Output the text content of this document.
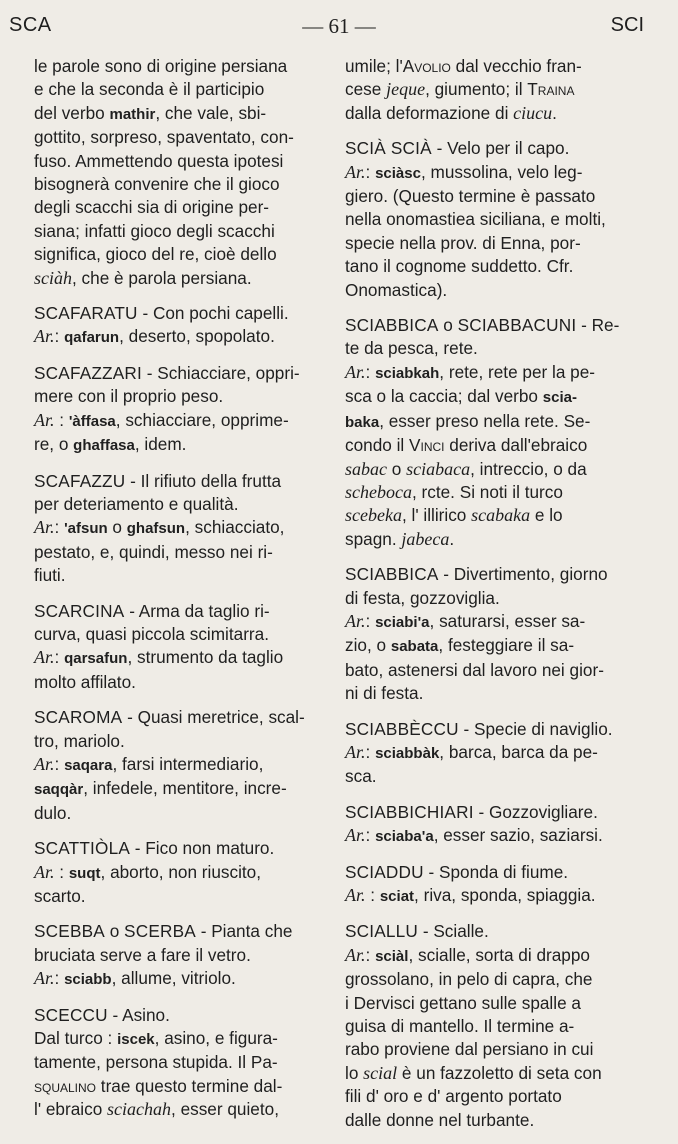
SCA	— 61 —	SCI

le parole sono di origine persiana

e che la seconda è il participio

del verbo mathir, che vale, sbi-

gottito, sorpreso, spaventato, con-

fuso. Ammettendo questa ipotesi

bisognerà convenire che il gioco

degli scacchi sia di origine per-

siana; infatti gioco degli scacchi

significa, gioco del re, cioè dello

sciàh, che è parola persiana.

SCAFARATU - Con pochi capelli.

Ar.: qafarun, deserto, spopolato.

SCAFAZZARI - Schiacciare, oppri-

mere con il proprio peso.

Ar. : 'àffasa, schiacciare, opprime-

re, o ghaffasa, idem.

SCAFAZZU - Il rifiuto della frutta

per deteriamento e qualità.

Ar.: 'afsun o ghafsun, schiacciato,

pestato, e, quindi, messo nei ri-

fiuti.

SCARCINA - Arma da taglio ri-

curva, quasi piccola scimitarra.

Ar.: qarsafun, strumento da taglio

molto affilato.

SCAROMA - Quasi meretrice, scal-

tro, mariolo.

Ar.: saqara, farsi intermediario,

saqqàr, infedele, mentitore, incre-

dulo.

SCATTIÒLA - Fico non maturo.

Ar. : suqt, aborto, non riuscito,

scarto.

SCEBBA o SCERBA - Pianta che

bruciata serve a fare il vetro.

Ar.: sciabb, allume, vitriolo.

SCECCU - Asino.

Dal turco : iscek, asino, e figura-

tamente, persona stupida. Il Pa-

squalino trae questo termine dal-

l' ebraico sciachah, esser quieto,

umile; l'Avolio dal vecchio fran-

cese jeque, giumento; il Traina

dalla deformazione di ciucu.

SCIÀ SCIÀ - Velo per il capo.

Ar.: sciàsc, mussolina, velo leg-

giero. (Questo termine è passato

nella onomastiea siciliana, e molti,

specie nella prov. di Enna, por-

tano il cognome suddetto. Cfr.

Onomastica).

SCIABBICA o SCIABBACUNI - Re-

te da pesca, rete.

Ar.: sciabkah, rete, rete per la pe-

sca o la caccia; dal verbo scia-

baka, esser preso nella rete. Se-

condo il Vinci deriva dall'ebraico

sabac o sciabaca, intreccio, o da

scheboca, rcte. Si noti il turco

scebeka, l' illirico scabaka e lo

spagn. jabeca.

SCIABBICA - Divertimento, giorno

di festa, gozzoviglia.

Ar.: sciabi'a, saturarsi, esser sa-

zio, o sabata, festeggiare il sa-

bato, astenersi dal lavoro nei gior-

ni di festa.

SCIABBÈCCU - Specie di naviglio.

Ar.: sciabbàk, barca, barca da pe-

sca.

SCIABBICHIARI - Gozzovigliare.

Ar.: sciaba'a, esser sazio, saziarsi.

SCIADDU - Sponda di fiume.

Ar. : sciat, riva, sponda, spiaggia.

SCIALLU - Scialle.

Ar.: sciàl, scialle, sorta di drappo

grossolano, in pelo di capra, che

i Dervisci gettano sulle spalle a

guisa di mantello. Il termine a-

rabo proviene dal persiano in cui

lo scial è un fazzoletto di seta con

fili d' oro e d' argento portato

dalle donne nel turbante.
